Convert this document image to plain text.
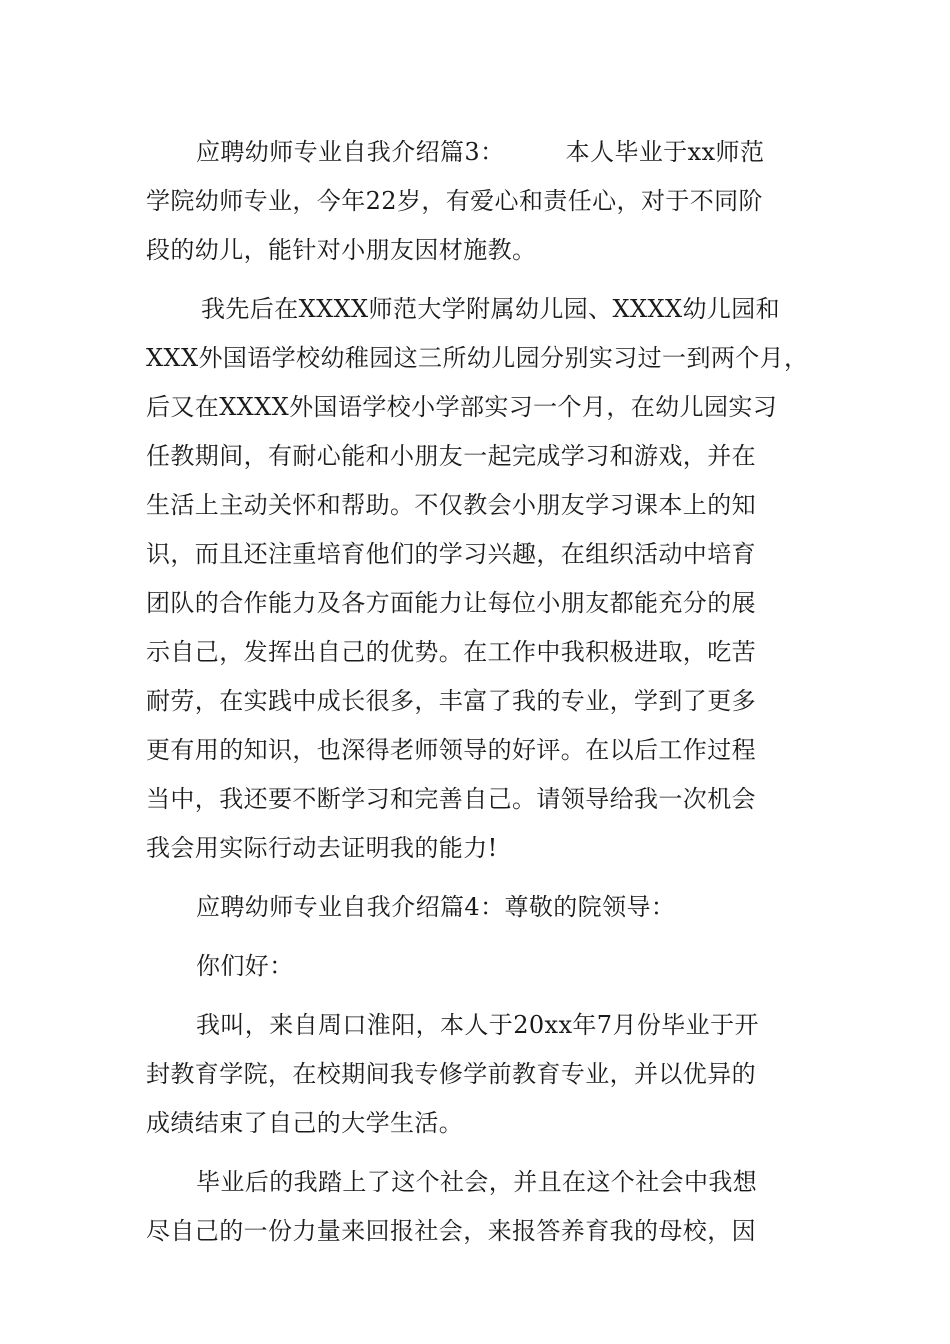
应聘幼师专业自我介绍篇3：　　　本人毕业于xx师范
学院幼师专业，今年22岁，有爱心和责任心，对于不同阶
段的幼儿，能针对小朋友因材施教。
我先后在XXXX师范大学附属幼儿园、XXXX幼儿园和
XXX外国语学校幼稚园这三所幼儿园分别实习过一到两个月，
后又在XXXX外国语学校小学部实习一个月，在幼儿园实习
任教期间，有耐心能和小朋友一起完成学习和游戏，并在
生活上主动关怀和帮助。不仅教会小朋友学习课本上的知
识，而且还注重培育他们的学习兴趣，在组织活动中培育
团队的合作能力及各方面能力让每位小朋友都能充分的展
示自己，发挥出自己的优势。在工作中我积极进取，吃苦
耐劳，在实践中成长很多，丰富了我的专业，学到了更多
更有用的知识，也深得老师领导的好评。在以后工作过程
当中，我还要不断学习和完善自己。请领导给我一次机会
我会用实际行动去证明我的能力!
应聘幼师专业自我介绍篇4：尊敬的院领导：
你们好：
我叫，来自周口淮阳，本人于20xx年7月份毕业于开
封教育学院，在校期间我专修学前教育专业，并以优异的
成绩结束了自己的大学生活。
毕业后的我踏上了这个社会，并且在这个社会中我想
尽自己的一份力量来回报社会，来报答养育我的母校，因
